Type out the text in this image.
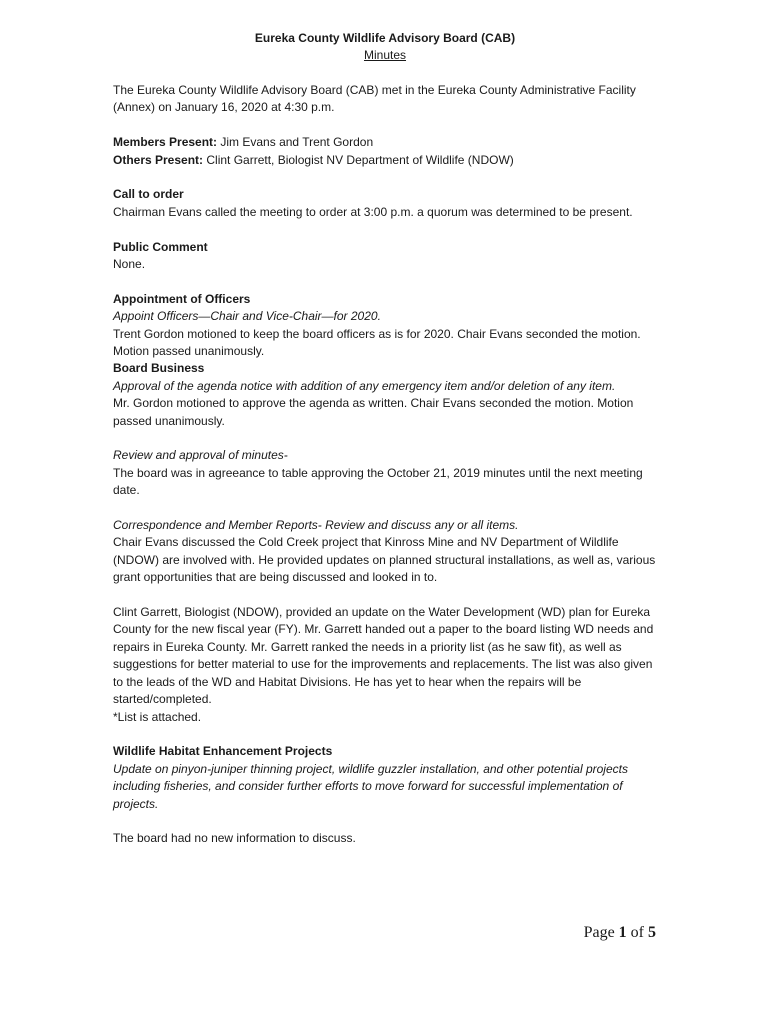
Eureka County Wildlife Advisory Board (CAB)
Minutes

The Eureka County Wildlife Advisory Board (CAB) met in the Eureka County Administrative Facility (Annex) on January 16, 2020 at 4:30 p.m.

Members Present: Jim Evans and Trent Gordon

Others Present: Clint Garrett, Biologist NV Department of Wildlife (NDOW)

Call to order

Chairman Evans called the meeting to order at 3:00 p.m. a quorum was determined to be present.

Public Comment

None.

Appointment of Officers

Appoint Officers—Chair and Vice-Chair—for 2020.

Trent Gordon motioned to keep the board officers as is for 2020. Chair Evans seconded the motion. Motion passed unanimously.

Board Business

Approval of the agenda notice with addition of any emergency item and/or deletion of any item.

Mr. Gordon motioned to approve the agenda as written. Chair Evans seconded the motion. Motion passed unanimously.

Review and approval of minutes-

The board was in agreeance to table approving the October 21, 2019 minutes until the next meeting date.

Correspondence and Member Reports- Review and discuss any or all items.

Chair Evans discussed the Cold Creek project that Kinross Mine and NV Department of Wildlife (NDOW) are involved with. He provided updates on planned structural installations, as well as, various grant opportunities that are being discussed and looked in to.

Clint Garrett, Biologist (NDOW), provided an update on the Water Development (WD) plan for Eureka County for the new fiscal year (FY). Mr. Garrett handed out a paper to the board listing WD needs and repairs in Eureka County. Mr. Garrett ranked the needs in a priority list (as he saw fit), as well as suggestions for better material to use for the improvements and replacements. The list was also given to the leads of the WD and Habitat Divisions. He has yet to hear when the repairs will be started/completed.

*List is attached.

Wildlife Habitat Enhancement Projects

Update on pinyon-juniper thinning project, wildlife guzzler installation, and other potential projects including fisheries, and consider further efforts to move forward for successful implementation of projects.

The board had no new information to discuss.

Page 1 of 5
